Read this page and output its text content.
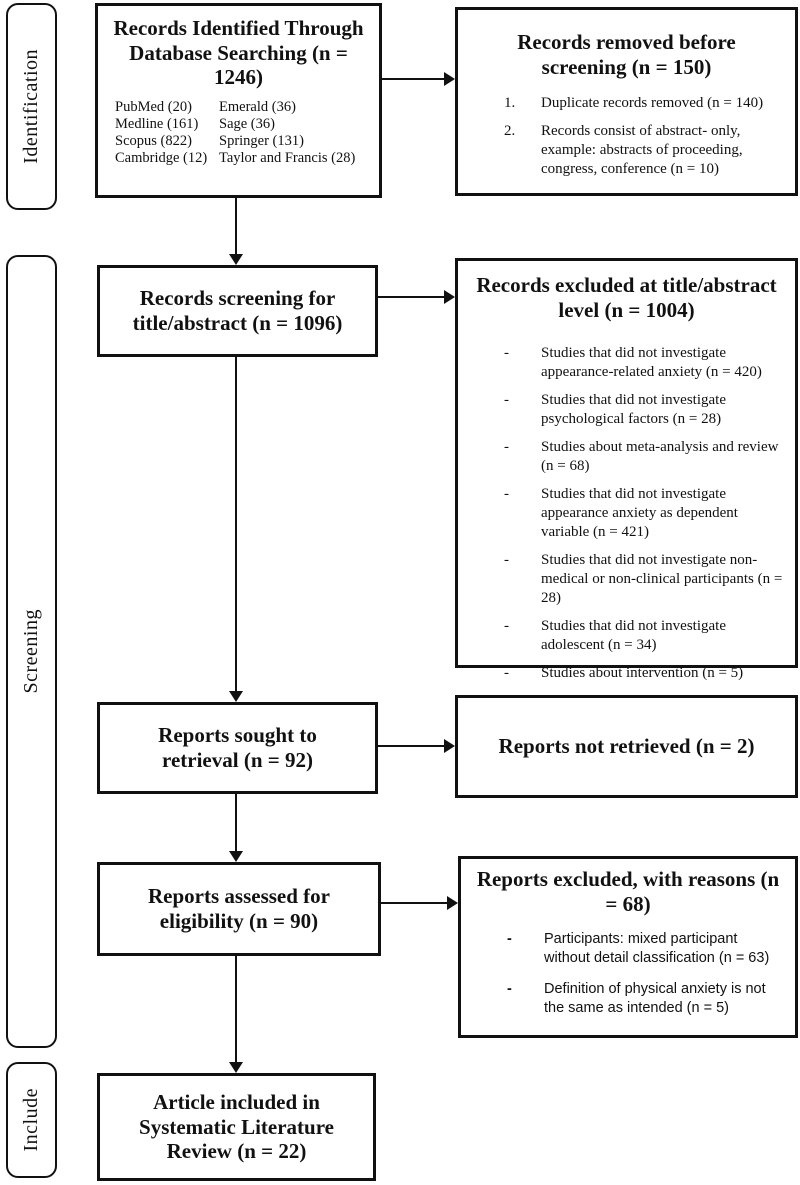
Identification
Screening
Include
Records Identified Through Database Searching (n = 1246)
PubMed (20)
Medline (161)
Scopus (822)
Cambridge (12)
Emerald (36)
Sage (36)
Springer (131)
Taylor and Francis (28)
Records removed before screening (n = 150)
1.	Duplicate records removed (n = 140)
2.	Records consist of abstract- only, example: abstracts of proceeding, congress, conference (n = 10)
Records screening for title/abstract (n = 1096)
Records excluded at title/abstract level (n = 1004)
-	Studies that did not investigate appearance-related anxiety (n = 420)
-	Studies that did not investigate psychological factors (n = 28)
-	Studies about meta-analysis and review (n = 68)
-	Studies that did not investigate appearance anxiety as dependent variable (n = 421)
-	Studies that did not investigate non-medical or non-clinical participants (n = 28)
-	Studies that did not investigate adolescent (n = 34)
-	Studies about intervention (n = 5)
Reports sought to retrieval (n = 92)
Reports not retrieved (n = 2)
Reports assessed for eligibility (n = 90)
Reports excluded, with reasons (n = 68)
-	Participants: mixed participant without detail classification (n = 63)
-	Definition of physical anxiety is not the same as intended (n = 5)
Article included in Systematic Literature Review (n = 22)
